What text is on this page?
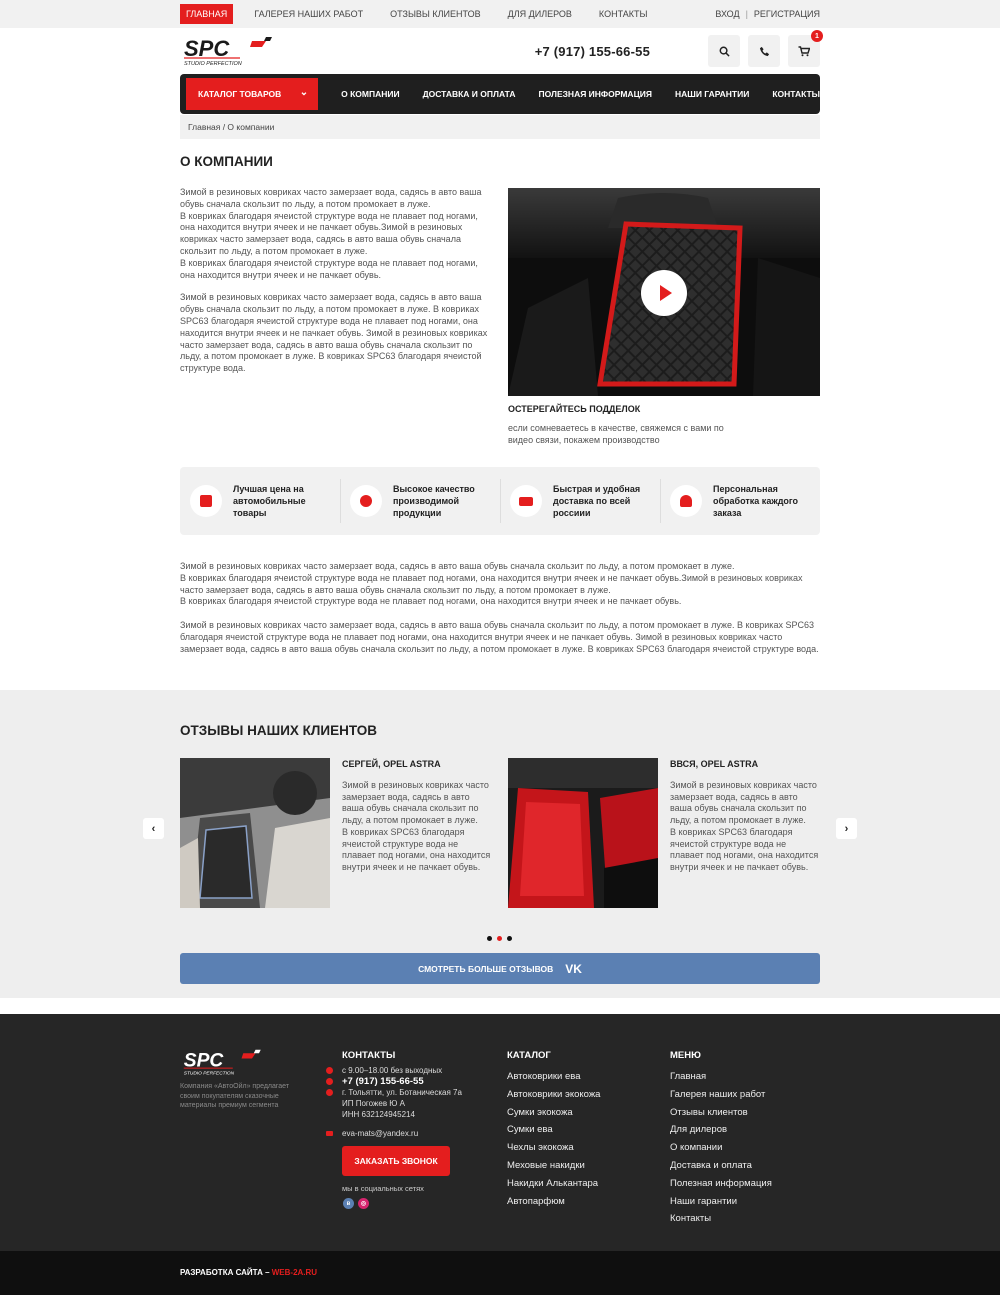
ГЛАВНАЯ	ГАЛЕРЕЯ НАШИХ РАБОТ	ОТЗЫВЫ КЛИЕНТОВ	ДЛЯ ДИЛЕРОВ	КОНТАКТЫ	ВХОД | РЕГИСТРАЦИЯ
SPC
STUDIO PERFECTION
+7 (917) 155-66-55
1
КАТАЛОГ ТОВАРОВ ⌄	О КОМПАНИИ	ДОСТАВКА И ОПЛАТА	ПОЛЕЗНАЯ ИНФОРМАЦИЯ	НАШИ ГАРАНТИИ	КОНТАКТЫ
Главная / О компании
О КОМПАНИИ

Зимой в резиновых ковриках часто замерзает вода, садясь в авто ваша обувь сначала скользит по льду, а потом промокает в луже.
В ковриках благодаря ячеистой структуре вода не плавает под ногами, она находится внутри ячеек и не пачкает обувь.Зимой в резиновых ковриках часто замерзает вода, садясь в авто ваша обувь сначала скользит по льду, а потом промокает в луже.
В ковриках благодаря ячеистой структуре вода не плавает под ногами, она находится внутри ячеек и не пачкает обувь.

Зимой в резиновых ковриках часто замерзает вода, садясь в авто ваша обувь сначала скользит по льду, а потом промокает в луже. В ковриках SPC63 благодаря ячеистой структуре вода не плавает под ногами, она находится внутри ячеек и не пачкает обувь. Зимой в резиновых ковриках часто замерзает вода, садясь в авто ваша обувь сначала скользит по льду, а потом промокает в луже. В ковриках SPC63 благодаря ячеистой структуре вода.

ОСТЕРЕГАЙТЕСЬ ПОДДЕЛОК
если сомневаетесь в качестве, свяжемся с вами по видео связи, покажем производство
Лучшая цена на автомобильные товары
Высокое качество производимой продукции
Быстрая и удобная доставка по всей россиии
Персональная обработка каждого заказа

Зимой в резиновых ковриках часто замерзает вода, садясь в авто ваша обувь сначала скользит по льду, а потом промокает в луже.
В ковриках благодаря ячеистой структуре вода не плавает под ногами, она находится внутри ячеек и не пачкает обувь.Зимой в резиновых ковриках часто замерзает вода, садясь в авто ваша обувь сначала скользит по льду, а потом промокает в луже.
В ковриках благодаря ячеистой структуре вода не плавает под ногами, она находится внутри ячеек и не пачкает обувь.

Зимой в резиновых ковриках часто замерзает вода, садясь в авто ваша обувь сначала скользит по льду, а потом промокает в луже. В ковриках SPC63 благодаря ячеистой структуре вода не плавает под ногами, она находится внутри ячеек и не пачкает обувь. Зимой в резиновых ковриках часто замерзает вода, садясь в авто ваша обувь сначала скользит по льду, а потом промокает в луже. В ковриках SPC63 благодаря ячеистой структуре вода.

ОТЗЫВЫ НАШИХ КЛИЕНТОВ
‹	›
СЕРГЕЙ, OPEL ASTRA
Зимой в резиновых ковриках часто замерзает вода, садясь в авто ваша обувь сначала скользит по льду, а потом промокает в луже.
В ковриках SPC63 благодаря ячеистой структуре вода не плавает под ногами, она находится внутри ячеек и не пачкает обувь.
ВВСЯ, OPEL ASTRA
Зимой в резиновых ковриках часто замерзает вода, садясь в авто ваша обувь сначала скользит по льду, а потом промокает в луже.
В ковриках SPC63 благодаря ячеистой структуре вода не плавает под ногами, она находится внутри ячеек и не пачкает обувь.
СМОТРЕТЬ БОЛЬШЕ ОТЗЫВОВ VK
SPC
STUDIO PERFECTION
Компания «АвтоОйл» предлагает своим покупателям сказочные материалы премиум сегмента
КОНТАКТЫ
с 9.00–18.00 без выходных
+7 (917) 155-66-55
г. Тольятти, ул. Ботаническая 7а
ИП Погожев Ю А
ИНН 632124945214
eva-mats@yandex.ru
ЗАКАЗАТЬ ЗВОНОК
мы в социальных сетях
в	◎
КАТАЛОГ
Автоковрики ева
Автоковрики экокожа
Сумки экокожа
Сумки ева
Чехлы экокожа
Меховые накидки
Накидки Алькантара
Автопарфюм
МЕНЮ
Главная
Галерея наших работ
Отзывы клиентов
Для дилеров
О компании
Доставка и оплата
Полезная информация
Наши гарантии
Контакты
РАЗРАБОТКА САЙТА – WEB-2A.RU
